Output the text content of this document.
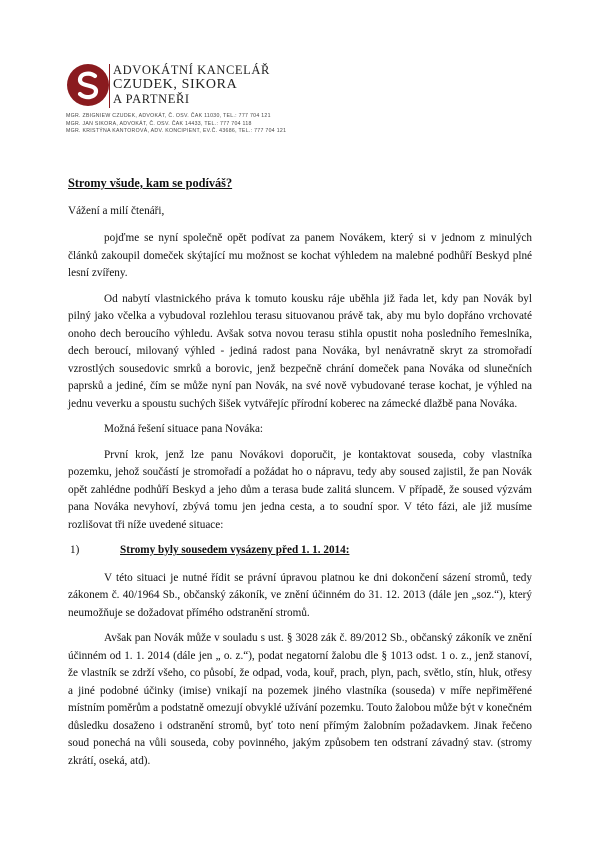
ADVOKÁTNÍ KANCELÁŘ
CZUDEK, SIKORA
A PARTNEŘI
MGR. ZBIGNIEW CZUDEK, ADVOKÁT, Č. OSV. ČAK 11030, TEL.: 777 704 121
MGR. JAN SIKORA, ADVOKÁT, Č. OSV. ČAK 14433, TEL.: 777 704 118
MGR. KRISTÝNA KANTOROVÁ, ADV. KONCIPIENT, EV.Č. 43686, TEL.: 777 704 121
Stromy všude, kam se podíváš?
Vážení a milí čtenáři,

pojďme se nyní společně opět podívat za panem Novákem, který si v jednom z minulých článků zakoupil domeček skýtající mu možnost se kochat výhledem na malebné podhůří Beskyd plné lesní zvířeny.

Od nabytí vlastnického práva k tomuto kousku ráje uběhla již řada let, kdy pan Novák byl pilný jako včelka a vybudoval rozlehlou terasu situovanou právě tak, aby mu bylo dopřáno vrchovaté onoho dech beroucího výhledu. Avšak sotva novou terasu stihla opustit noha posledního řemeslníka, dech beroucí, milovaný výhled - jediná radost pana Nováka, byl nenávratně skryt za stromořadí vzrostlých sousedovic smrků a borovic, jenž bezpečně chrání domeček pana Nováka od slunečních paprsků a jediné, čím se může nyní pan Novák, na své nově vybudované terase kochat, je výhled na jednu veverku a spoustu suchých šišek vytvářejíc přírodní koberec na zámecké dlažbě pana Nováka.

Možná řešení situace pana Nováka:

První krok, jenž lze panu Novákovi doporučit, je kontaktovat souseda, coby vlastníka pozemku, jehož součástí je stromořadí a požádat ho o nápravu, tedy aby soused zajistil, že pan Novák opět zahlédne podhůří Beskyd a jeho dům a terasa bude zalitá sluncem. V případě, že soused výzvám pana Nováka nevyhoví, zbývá tomu jen jedna cesta, a to soudní spor. V této fázi, ale již musíme rozlišovat tři níže uvedené situace:

1)	Stromy byly sousedem vysázeny před 1. 1. 2014:

V této situaci je nutné řídit se právní úpravou platnou ke dni dokončení sázení stromů, tedy zákonem č. 40/1964 Sb., občanský zákoník, ve znění účinném do 31. 12. 2013 (dále jen „soz.“), který neumožňuje se dožadovat přímého odstranění stromů.

Avšak pan Novák může v souladu s ust. § 3028 zák č. 89/2012 Sb., občanský zákoník ve znění účinném od 1. 1. 2014 (dále jen „ o. z.“), podat negatorní žalobu dle § 1013 odst. 1 o. z., jenž stanoví, že vlastník se zdrží všeho, co působí, že odpad, voda, kouř, prach, plyn, pach, světlo, stín, hluk, otřesy a jiné podobné účinky (imise) vnikají na pozemek jiného vlastníka (souseda) v míře nepřiměřené místním poměrům a podstatně omezují obvyklé užívání pozemku. Touto žalobou může být v konečném důsledku dosaženo i odstranění stromů, byť toto není přímým žalobním požadavkem. Jinak řečeno soud ponechá na vůli souseda, coby povinného, jakým způsobem ten odstraní závadný stav. (stromy zkrátí, oseká, atd).
